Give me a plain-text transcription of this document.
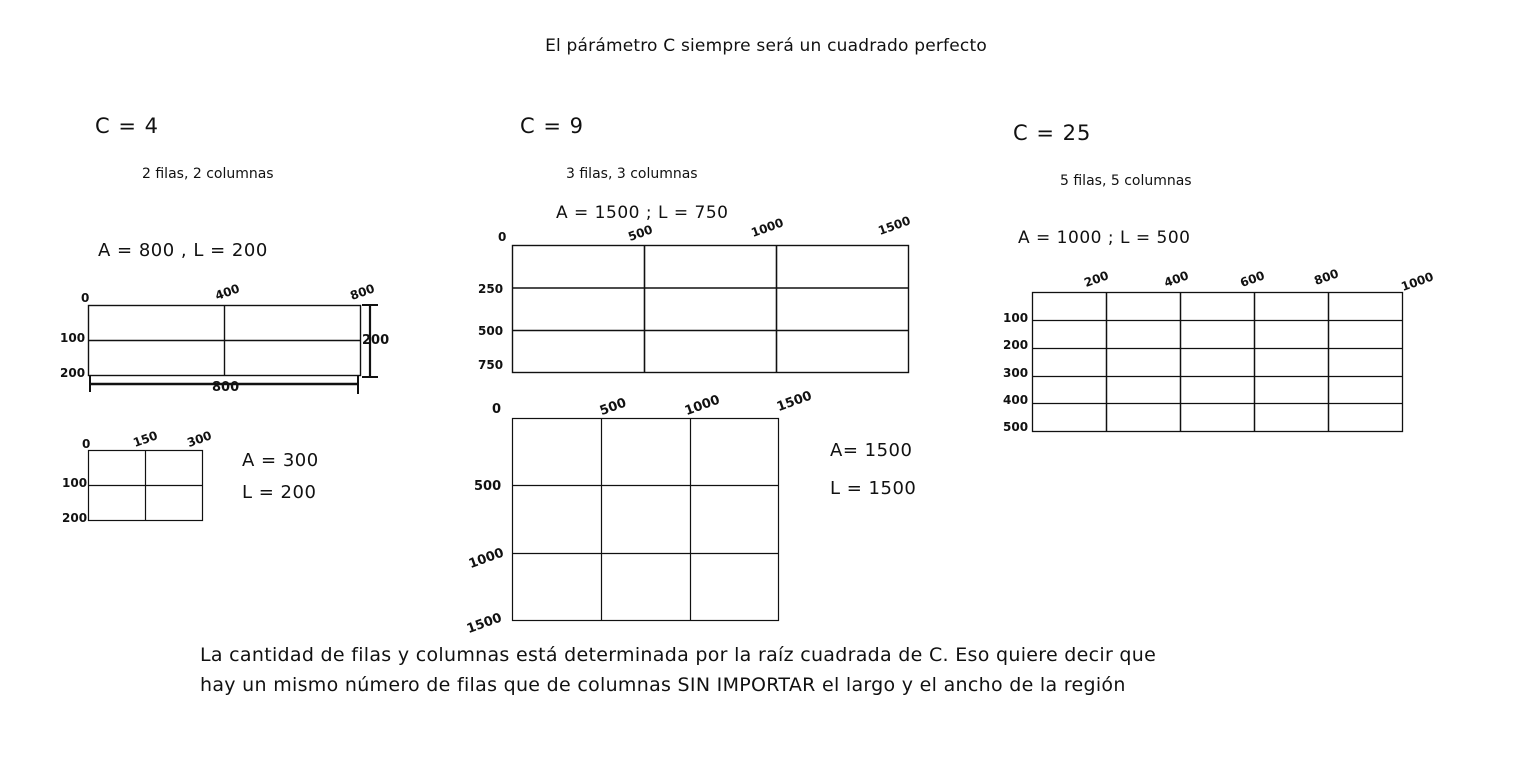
El párámetro C siempre será un cuadrado perfecto
C = 4
2 filas, 2 columnas
A = 800 , L = 200
800
200
0	400	800
100
200
0	150 300
100
200
A = 300
L = 200
C = 9
3 filas, 3 columnas
A = 1500 ; L = 750
0	500	1000	1500
250
500
750
0	500	1000	1500
500
1000
1500
A= 1500
L = 1500
C = 25
5 filas, 5 columnas
A = 1000 ; L = 500
200	400	600	800	1000
100
200
300
400
500
La cantidad de filas y columnas está determinada por la raíz cuadrada de C. Eso quiere decir que
hay un mismo número de filas que de columnas SIN IMPORTAR el largo y el ancho de la región
